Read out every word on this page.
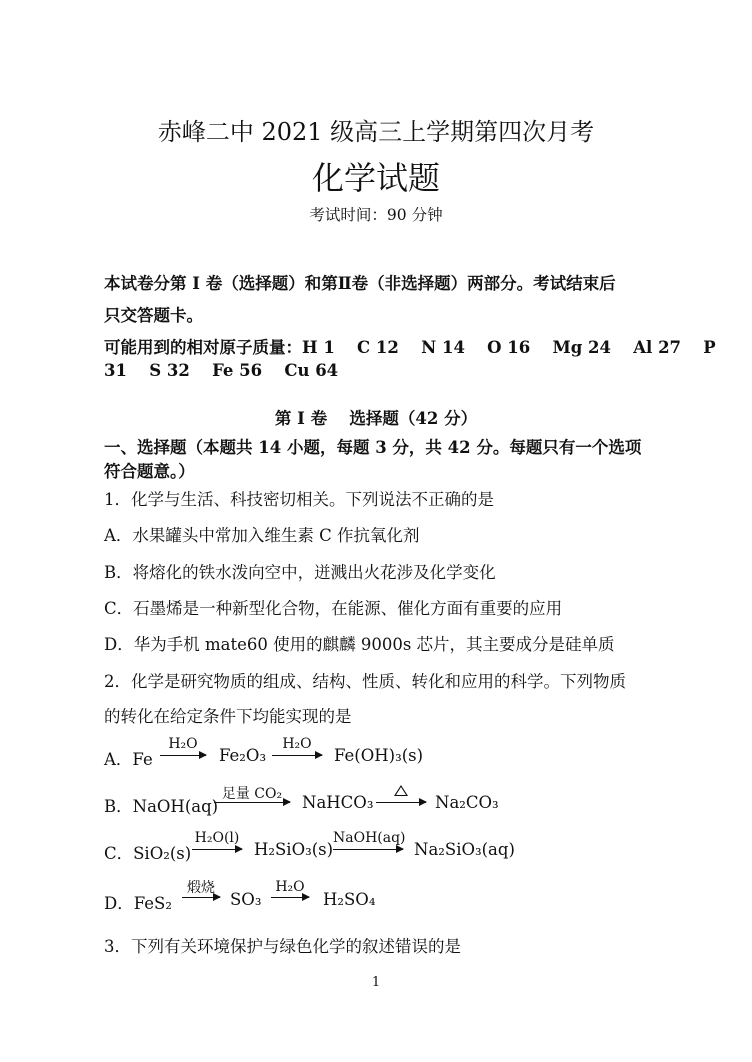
赤峰二中 2021 级高三上学期第四次月考
化学试题
考试时间：90 分钟
本试卷分第 I 卷（选择题）和第Ⅱ卷（非选择题）两部分。考试结束后
只交答题卡。
可能用到的相对原子质量：H 1　 C 12　 N 14　 O 16　 Mg 24　 Al 27　 P
31　 S 32　 Fe 56　 Cu 64
第 I 卷　 选择题（42 分）
一、选择题（本题共 14 小题，每题 3 分，共 42 分。每题只有一个选项
符合题意。）
1．化学与生活、科技密切相关。下列说法不正确的是
A．水果罐头中常加入维生素 C 作抗氧化剂
B．将熔化的铁水泼向空中，迸溅出火花涉及化学变化
C．石墨烯是一种新型化合物，在能源、催化方面有重要的应用
D．华为手机 mate60 使用的麒麟 9000s 芯片，其主要成分是硅单质
2．化学是研究物质的组成、结构、性质、转化和应用的科学。下列物质
的转化在给定条件下均能实现的是
A．Fe
H₂O
→ Fe₂O₃
H₂O
→ Fe(OH)₃(s)
B．NaOH(aq)
足量 CO₂	NaHCO₃ → Na₂CO₃
C．SiO₂(s)
H₂O(l)
→ H₂SiO₃(s)
NaOH(aq)
Na₂SiO₃(aq)
D．FeS₂
煅烧
→ SO₃
H₂O
→ H₂SO₄
3．下列有关环境保护与绿色化学的叙述错误的是
1
